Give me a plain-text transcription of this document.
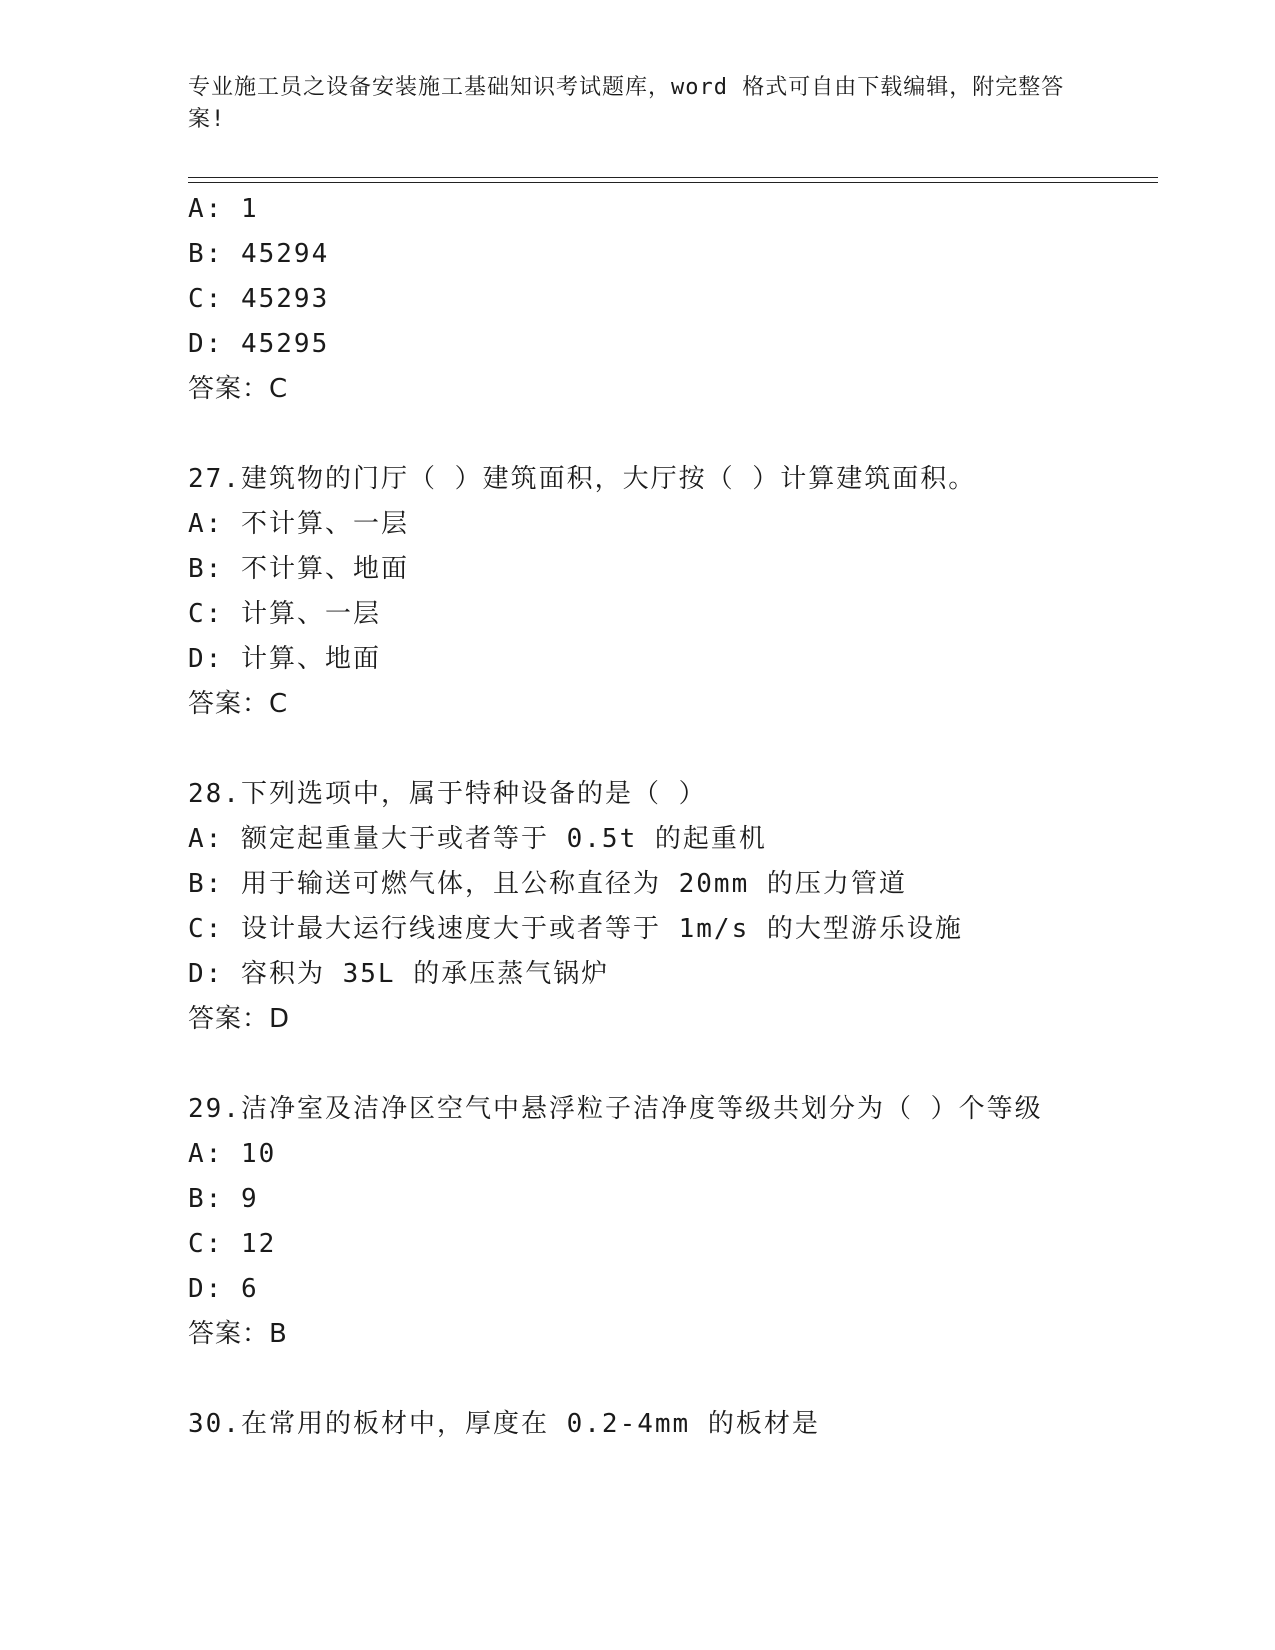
专业施工员之设备安装施工基础知识考试题库，word 格式可自由下载编辑，附完整答案!
A: 1
B: 45294
C: 45293
D: 45295
答案：C
27.建筑物的门厅（ ）建筑面积，大厅按（ ）计算建筑面积。
A: 不计算、一层
B: 不计算、地面
C: 计算、一层
D: 计算、地面
答案：C
28.下列选项中，属于特种设备的是（ ）
A: 额定起重量大于或者等于 0.5t 的起重机
B: 用于输送可燃气体，且公称直径为 20mm 的压力管道
C: 设计最大运行线速度大于或者等于 1m/s 的大型游乐设施
D: 容积为 35L 的承压蒸气锅炉
答案：D
29.洁净室及洁净区空气中悬浮粒子洁净度等级共划分为（ ）个等级
A: 10
B: 9
C: 12
D: 6
答案：B
30.在常用的板材中，厚度在 0.2-4mm 的板材是
